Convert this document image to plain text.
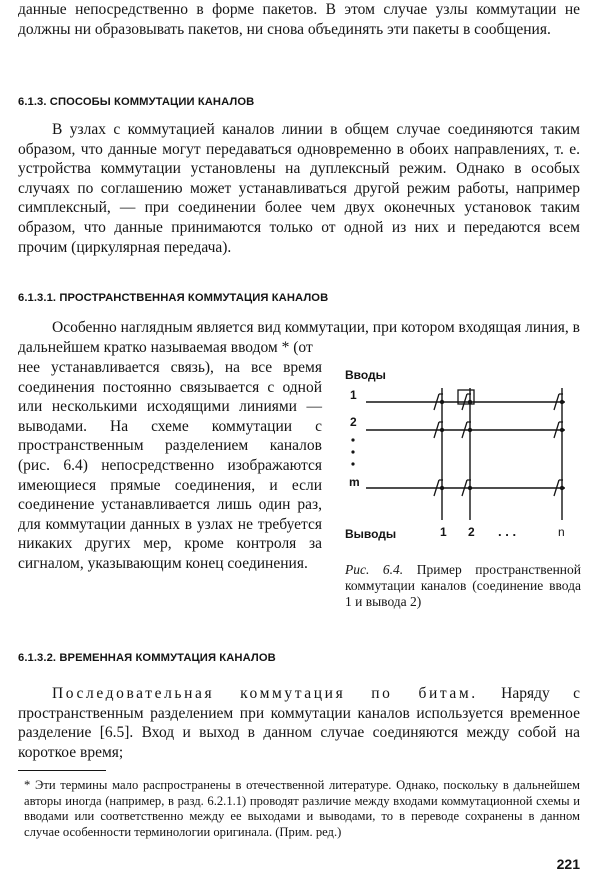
данные непосредственно в форме пакетов. В этом случае узлы коммутации не должны ни образовывать пакетов, ни снова объединять эти пакеты в сообщения.

6.1.3. СПОСОБЫ КОММУТАЦИИ КАНАЛОВ

В узлах с коммутацией каналов линии в общем случае соединяются таким образом, что данные могут передаваться одновременно в обоих направлениях, т. е. устройства коммутации установлены на дуплексный режим. Однако в особых случаях по соглашению может устанавливаться другой режим работы, например симплексный, — при соединении более чем двух оконечных установок таким образом, что данные принимаются только от одной из них и передаются всем прочим (циркулярная передача).

6.1.3.1. ПРОСТРАНСТВЕННАЯ КОММУТАЦИЯ КАНАЛОВ

Особенно наглядным является вид коммутации, при котором входящая линия, в дальнейшем кратко называемая вводом * (от

нее устанавливается связь), на все время соединения постоянно связывается с одной или несколькими исходящими линиями — выводами. На схеме коммутации с пространственным разделением каналов (рис. 6.4) непосредственно изображаются имеющиеся прямые соединения, и если соединение устанавливается лишь один раз, для коммутации данных в узлах не требуется никаких других мер, кроме контроля за сигналом, указывающим конец соединения.

Вводы
1
2
m
Выводы	1 2 . . .	n
Рис. 6.4. Пример пространственной коммутации каналов (соединение ввода 1 и вывода 2)
6.1.3.2. ВРЕМЕННАЯ КОММУТАЦИЯ КАНАЛОВ

Последовательная коммутация по битам. Наряду с пространственным разделением при коммутации каналов используется временное разделение [6.5]. Вход и выход в данном случае соединяются между собой на короткое время;

* Эти термины мало распространены в отечественной литературе. Однако, поскольку в дальнейшем авторы иногда (например, в разд. 6.2.1.1) проводят различие между входами коммутационной схемы и вводами или соответственно между ее выходами и выводами, то в переводе сохранены в данном случае особенности терминологии оригинала. (Прим. ред.)

221
